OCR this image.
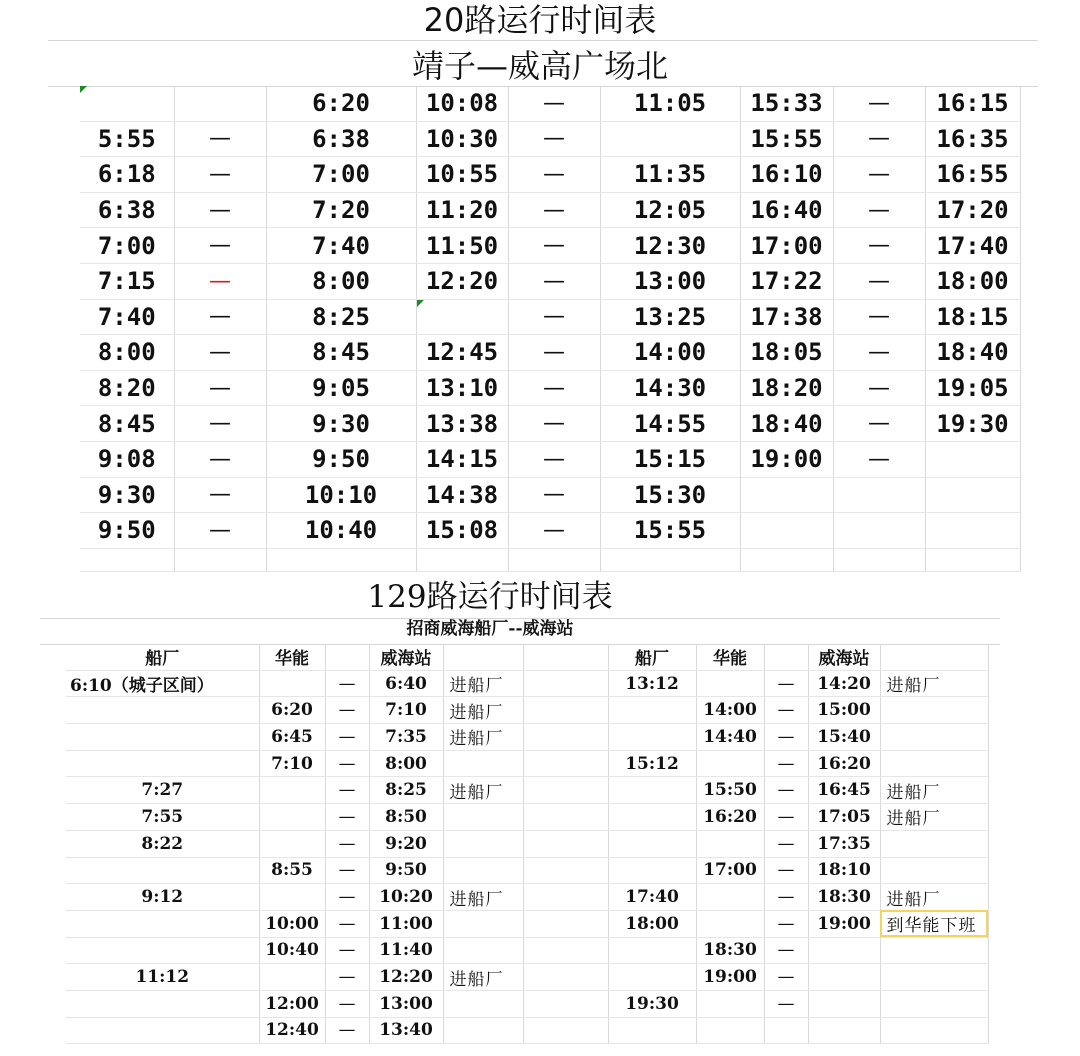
20路运行时间表
靖子—威高广场北
		6:20	10:08	—	11:05	15:33	—	16:15
5:55	—	6:38	10:30	—		15:55	—	16:35
6:18	—	7:00	10:55	—	11:35	16:10	—	16:55
6:38	—	7:20	11:20	—	12:05	16:40	—	17:20
7:00	—	7:40	11:50	—	12:30	17:00	—	17:40
7:15	—	8:00	12:20	—	13:00	17:22	—	18:00
7:40	—	8:25		—	13:25	17:38	—	18:15
8:00	—	8:45	12:45	—	14:00	18:05	—	18:40
8:20	—	9:05	13:10	—	14:30	18:20	—	19:05
8:45	—	9:30	13:38	—	14:55	18:40	—	19:30
9:08	—	9:50	14:15	—	15:15	19:00	—	
9:30	—	10:10	14:38	—	15:30			
9:50	—	10:40	15:08	—	15:55			

129路运行时间表
招商威海船厂--威海站
船厂	华能		威海站			船厂	华能		威海站	
6:10（城子区间）		—	6:40	进船厂		13:12		—	14:20	进船厂
	6:20	—	7:10	进船厂			14:00	—	15:00	
	6:45	—	7:35	进船厂			14:40	—	15:40	
	7:10	—	8:00			15:12		—	16:20	
7:27		—	8:25	进船厂			15:50	—	16:45	进船厂
7:55		—	8:50				16:20	—	17:05	进船厂
8:22		—	9:20					—	17:35	
	8:55	—	9:50				17:00	—	18:10	
9:12		—	10:20	进船厂		17:40		—	18:30	进船厂
	10:00	—	11:00			18:00		—	19:00	到华能下班
	10:40	—	11:40				18:30	—		
11:12		—	12:20	进船厂			19:00	—		
	12:00	—	13:00			19:30		—		
	12:40	—	13:40							
